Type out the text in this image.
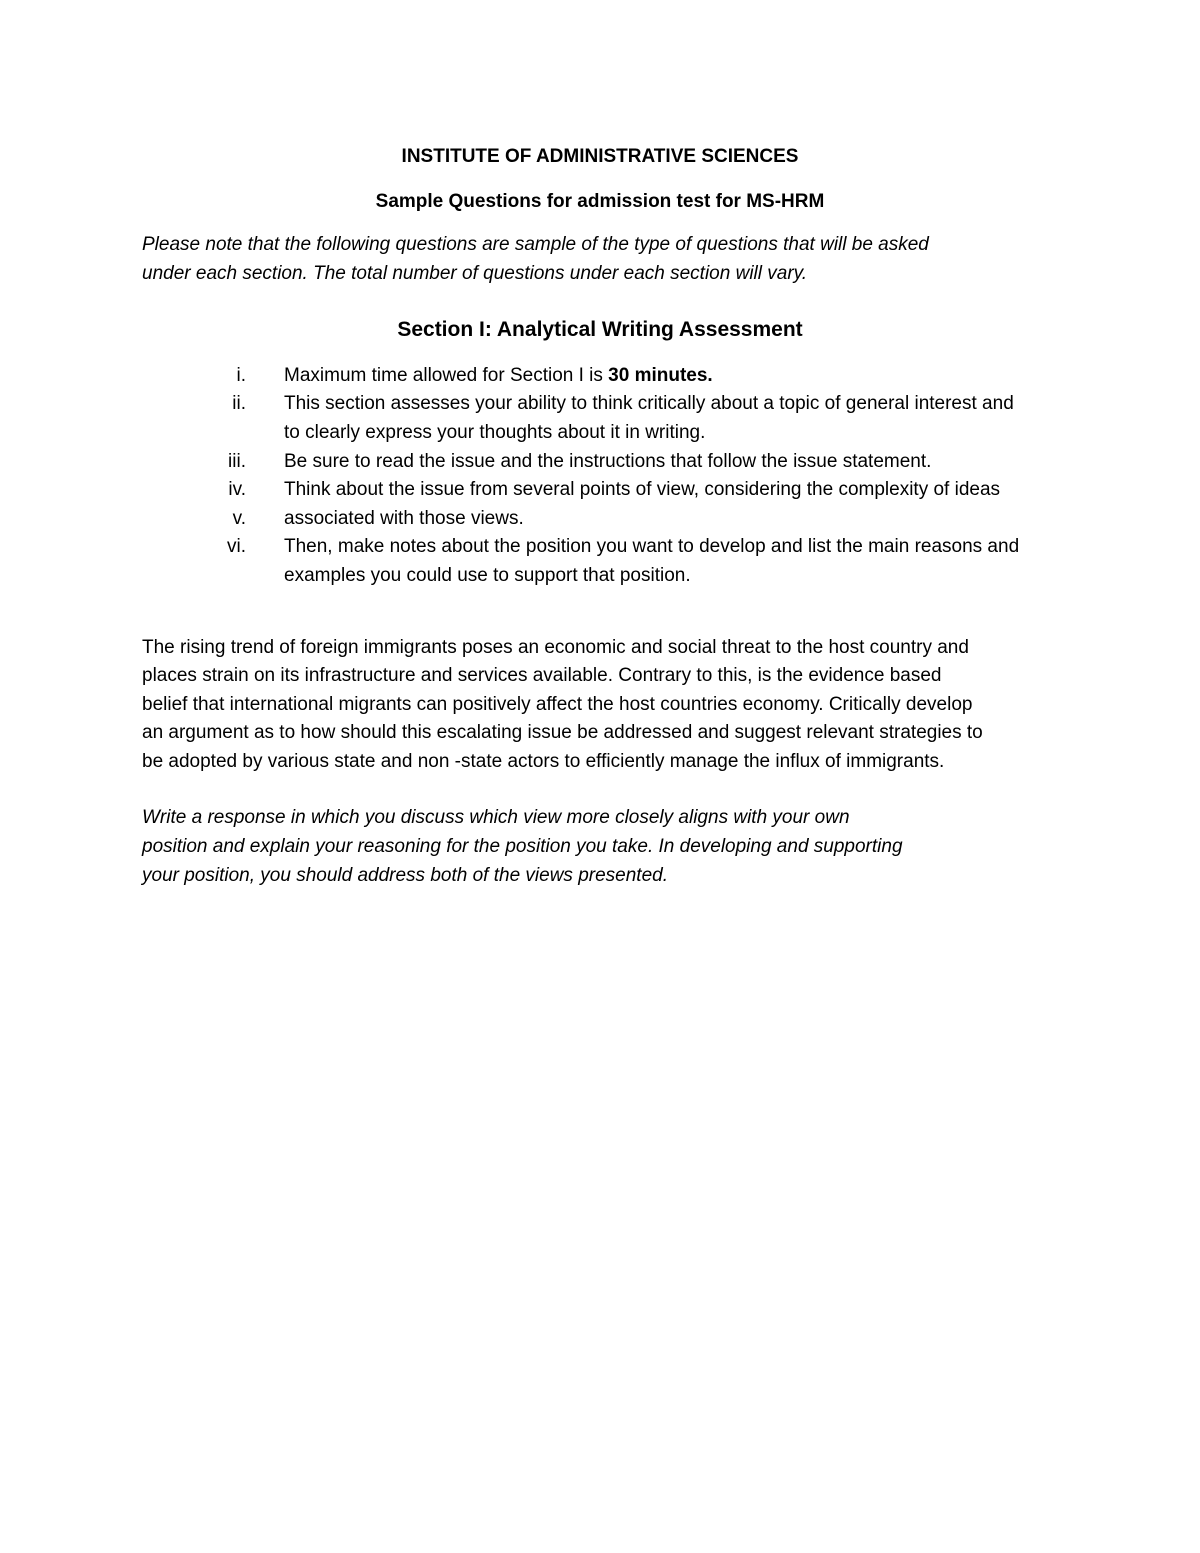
INSTITUTE OF ADMINISTRATIVE SCIENCES
Sample Questions for admission test for MS-HRM
Please note that the following questions are sample of the type of questions that will be asked
under each section. The total number of questions under each section will vary.
Section I: Analytical Writing Assessment
i. Maximum time allowed for Section I is 30 minutes.
ii. This section assesses your ability to think critically about a topic of general interest and
to clearly express your thoughts about it in writing.
iii. Be sure to read the issue and the instructions that follow the issue statement.
iv. Think about the issue from several points of view, considering the complexity of ideas
v. associated with those views.
vi. Then, make notes about the position you want to develop and list the main reasons and
examples you could use to support that position.
The rising trend of foreign immigrants poses an economic and social threat to the host country and
places strain on its infrastructure and services available. Contrary to this, is the evidence based
belief that international migrants can positively affect the host countries economy. Critically develop
an argument as to how should this escalating issue be addressed and suggest relevant strategies to
be adopted by various state and non -state actors to efficiently manage the influx of immigrants.
Write a response in which you discuss which view more closely aligns with your own
position and explain your reasoning for the position you take. In developing and supporting
your position, you should address both of the views presented.
